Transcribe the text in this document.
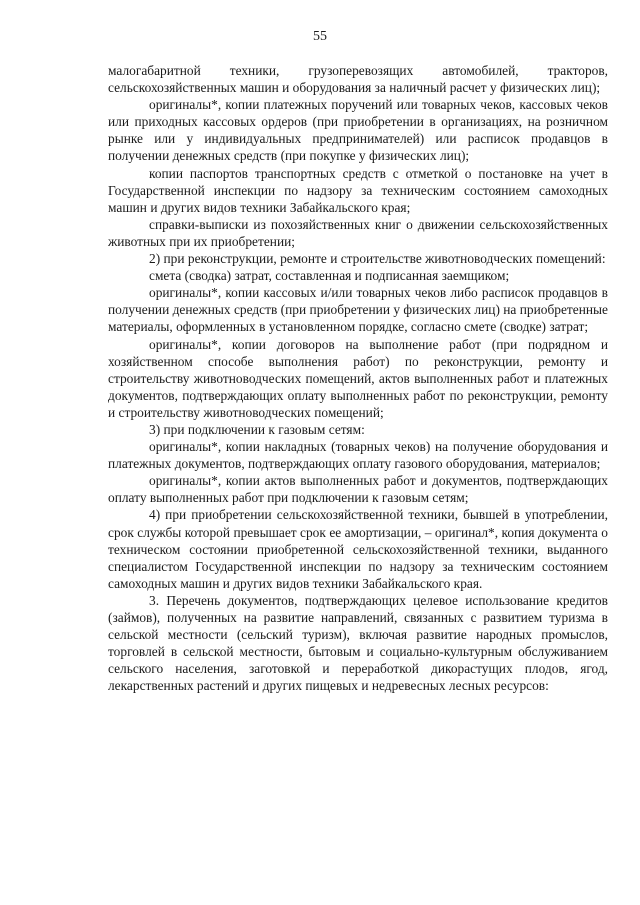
55

малогабаритной техники, грузоперевозящих автомобилей, тракторов, сельскохозяйственных машин и оборудования за наличный расчет у физических лиц);

оригиналы*, копии платежных поручений или товарных чеков, кассовых чеков или приходных кассовых ордеров (при приобретении в организациях, на розничном рынке или у индивидуальных предпринимателей) или расписок продавцов в получении денежных средств (при покупке у физических лиц);

копии паспортов транспортных средств с отметкой о постановке на учет в Государственной инспекции по надзору за техническим состоянием самоходных машин и других видов техники Забайкальского края;

справки-выписки из похозяйственных книг о движении сельскохозяйственных животных при их приобретении;

2) при реконструкции, ремонте и строительстве животноводческих помещений:

смета (сводка) затрат, составленная и подписанная заемщиком;

оригиналы*, копии кассовых и/или товарных чеков либо расписок продавцов в получении денежных средств (при приобретении у физических лиц) на приобретенные материалы, оформленных в установленном порядке, согласно смете (сводке) затрат;

оригиналы*, копии договоров на выполнение работ (при подрядном и хозяйственном способе выполнения работ) по реконструкции, ремонту и строительству животноводческих помещений, актов выполненных работ и платежных документов, подтверждающих оплату выполненных работ по реконструкции, ремонту и строительству животноводческих помещений;

3) при подключении к газовым сетям:

оригиналы*, копии накладных (товарных чеков) на получение оборудования и платежных документов, подтверждающих оплату газового оборудования, материалов;

оригиналы*, копии актов выполненных работ и документов, подтверждающих оплату выполненных работ при подключении к газовым сетям;

4) при приобретении сельскохозяйственной техники, бывшей в употреблении, срок службы которой превышает срок ее амортизации, – оригинал*, копия документа о техническом состоянии приобретенной сельскохозяйственной техники, выданного специалистом Государственной инспекции по надзору за техническим состоянием самоходных машин и других видов техники Забайкальского края.

3. Перечень документов, подтверждающих целевое использование кредитов (займов), полученных на развитие направлений, связанных с развитием туризма в сельской местности (сельский туризм), включая развитие народных промыслов, торговлей в сельской местности, бытовым и социально-культурным обслуживанием сельского населения, заготовкой и переработкой дикорастущих плодов, ягод, лекарственных растений и других пищевых и недревесных лесных ресурсов:
